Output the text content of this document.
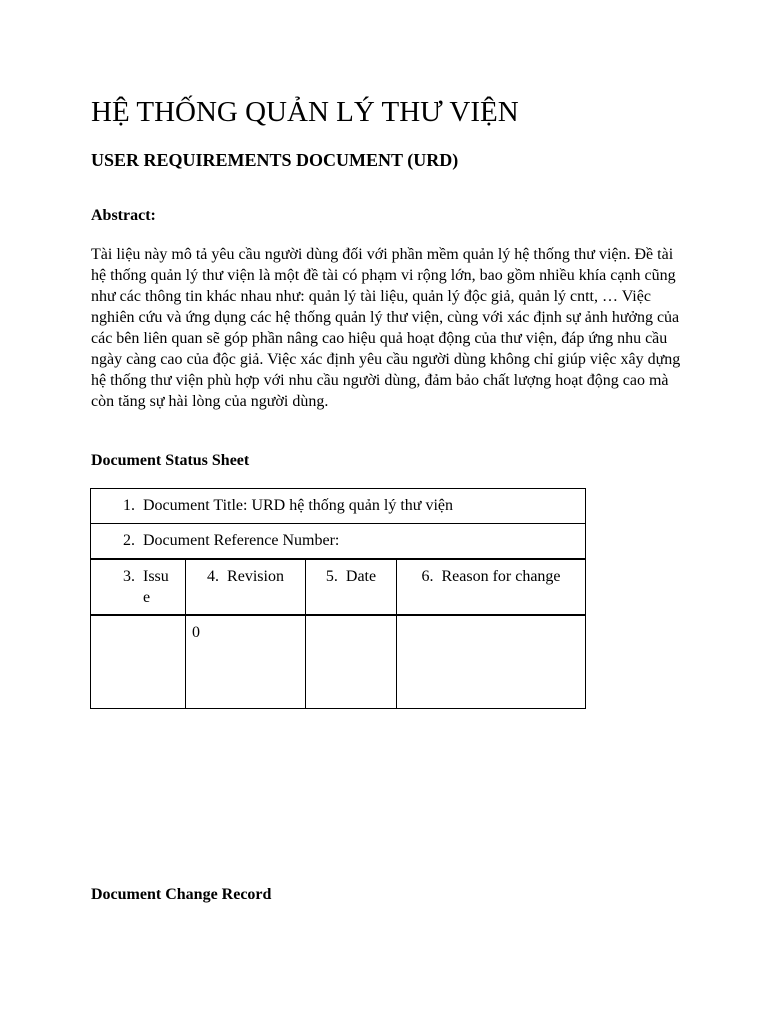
HỆ THỐNG QUẢN LÝ THƯ VIỆN
USER REQUIREMENTS DOCUMENT (URD)

Abstract:

Tài liệu này mô tả yêu cầu người dùng đối với phần mềm quản lý hệ thống thư viện. Đề tài hệ thống quản lý thư viện là một đề tài có phạm vi rộng lớn, bao gồm nhiều khía cạnh cũng như các thông tin khác nhau như: quản lý tài liệu, quản lý độc giả, quản lý cntt, … Việc nghiên cứu và ứng dụng các hệ thống quản lý thư viện, cùng với xác định sự ảnh hưởng của các bên liên quan sẽ góp phần nâng cao hiệu quả hoạt động của thư viện, đáp ứng nhu cầu ngày càng cao của độc giả. Việc xác định yêu cầu người dùng không chỉ giúp việc xây dựng hệ thống thư viện phù hợp với nhu cầu người dùng, đảm bảo chất lượng hoạt động cao mà còn tăng sự hài lòng của người dùng.

Document Status Sheet

1. Document Title: URD hệ thống quản lý thư viện			
2. Document Reference Number:			
3. Issue	4. Revision	5. Date	6. Reason for change
	0		

Document Change Record
